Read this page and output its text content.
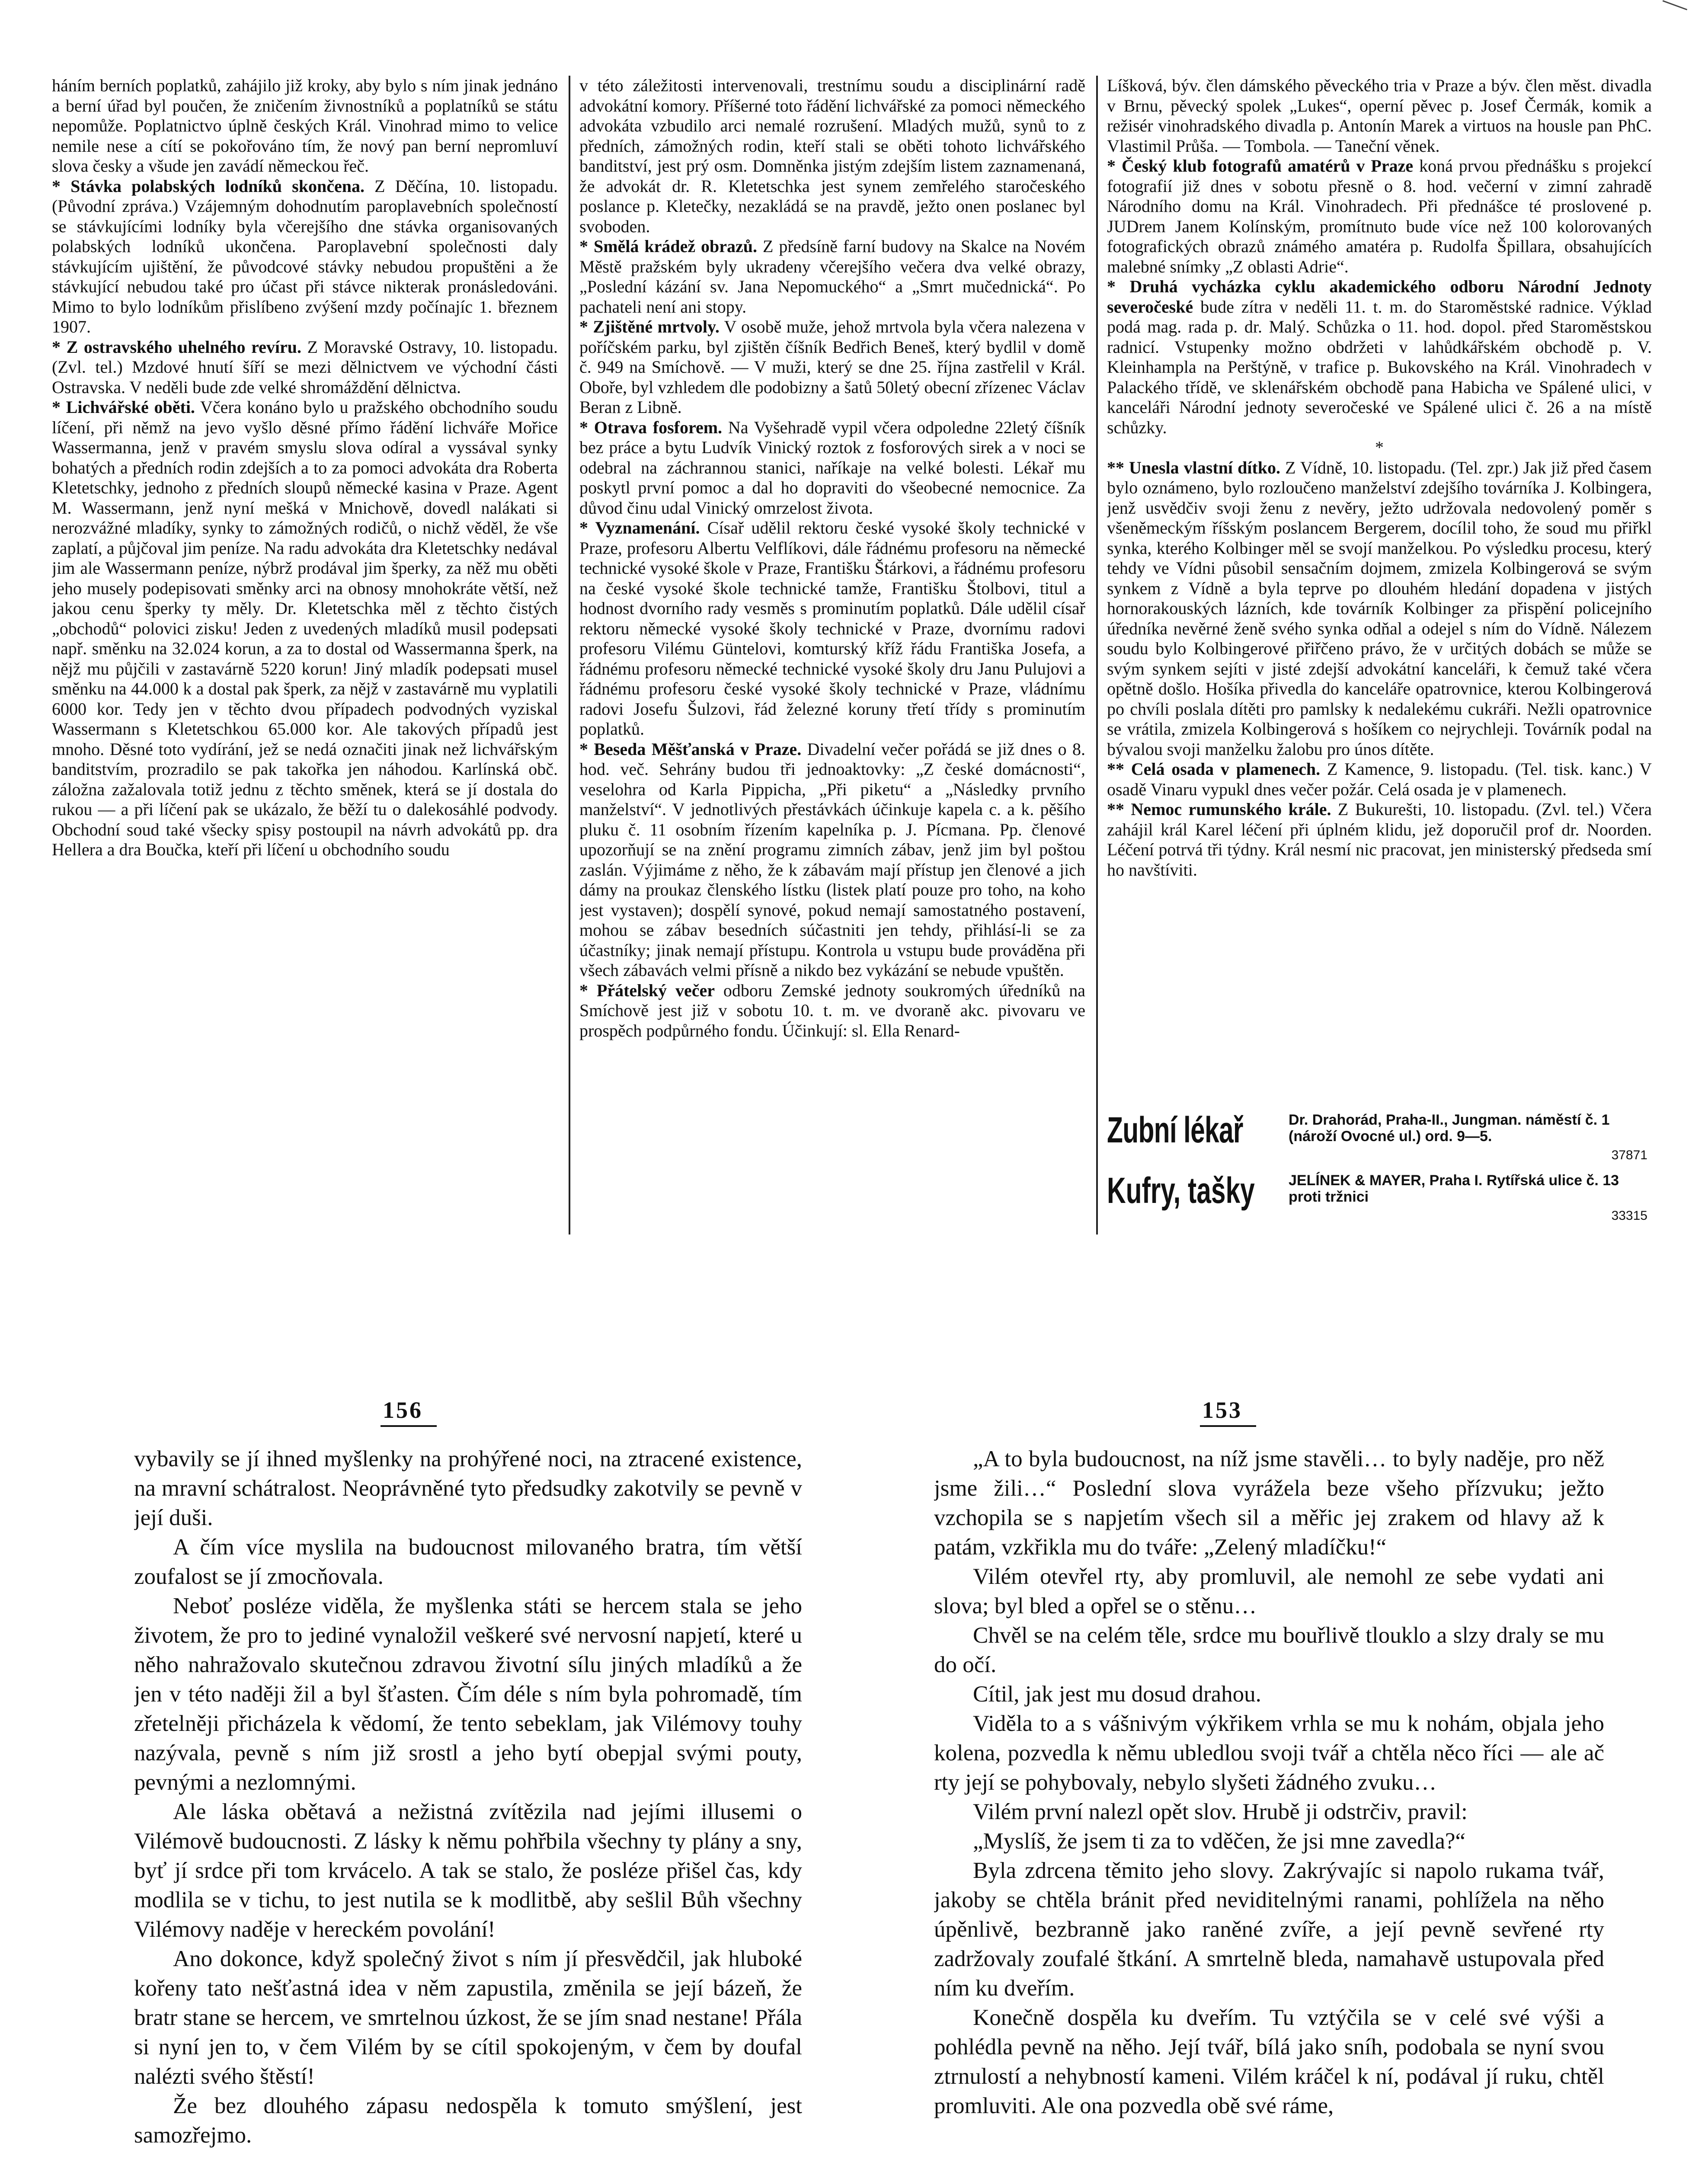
háním berních poplatků, zahájilo již kroky, aby bylo s ním jinak jednáno a berní úřad byl poučen, že zničením živnostníků a poplatníků se státu nepomůže. Poplatnictvo úplně českých Král. Vinohrad mimo to velice nemile nese a cítí se pokořováno tím, že nový pan berní nepromluví slova česky a všude jen zavádí německou řeč.

* Stávka polabských lodníků skončena. Z Děčína, 10. listopadu. (Původní zpráva.) Vzájemným dohodnutím paroplavebních společností se stávkujícími lodníky byla včerejšího dne stávka organisovaných polabských lodníků ukončena. Paroplavební společnosti daly stávkujícím ujištění, že původcové stávky nebudou propuštěni a že stávkující nebudou také pro účast při stávce nikterak pronásledováni. Mimo to bylo lodníkům přislíbeno zvýšení mzdy počínajíc 1. březnem 1907.

* Z ostravského uhelného revíru. Z Moravské Ostravy, 10. listopadu. (Zvl. tel.) Mzdové hnutí šíří se mezi dělnictvem ve východní části Ostravska. V neděli bude zde velké shromáždění dělnictva.

* Lichvářské oběti. Včera konáno bylo u pražského obchodního soudu líčení, při němž na jevo vyšlo děsné přímo řádění lichváře Mořice Wassermanna, jenž v pravém smyslu slova odíral a vyssával synky bohatých a předních rodin zdejších a to za pomoci advokáta dra Roberta Kletetschky, jednoho z předních sloupů německé kasina v Praze. Agent M. Wassermann, jenž nyní mešká v Mnichově, dovedl nalákati si nerozvážné mladíky, synky to zámožných rodičů, o nichž věděl, že vše zaplatí, a půjčoval jim peníze. Na radu advokáta dra Kletetschky nedával jim ale Wassermann peníze, nýbrž prodával jim šperky, za něž mu oběti jeho musely podepisovati směnky arci na obnosy mnohokráte větší, než jakou cenu šperky ty měly. Dr. Kletetschka měl z těchto čistých „obchodů“ polovici zisku! Jeden z uvedených mladíků musil podepsati např. směnku na 32.024 korun, a za to dostal od Wassermanna šperk, na nějž mu půjčili v zastavárně 5220 korun! Jiný mladík podepsati musel směnku na 44.000 k a dostal pak šperk, za nějž v zastavárně mu vyplatili 6000 kor. Tedy jen v těchto dvou případech podvodných vyziskal Wassermann s Kletetschkou 65.000 kor. Ale takových případů jest mnoho. Děsné toto vydírání, jež se nedá označiti jinak než lichvářským banditstvím, prozradilo se pak takořka jen náhodou. Karlínská obč. záložna zažalovala totiž jednu z těchto směnek, která se jí dostala do rukou — a při líčení pak se ukázalo, že běží tu o dalekosáhlé podvody. Obchodní soud také všecky spisy postoupil na návrh advokátů pp. dra Hellera a dra Boučka, kteří při líčení u obchodního soudu

v této záležitosti intervenovali, trestnímu soudu a disciplinární radě advokátní komory. Příšerné toto řádění lichvářské za pomoci německého advokáta vzbudilo arci nemalé rozrušení. Mladých mužů, synů to z předních, zámožných rodin, kteří stali se oběti tohoto lichvářského banditství, jest prý osm. Domněnka jistým zdejším listem zaznamenaná, že advokát dr. R. Kletetschka jest synem zemřelého staročeského poslance p. Kletečky, nezakládá se na pravdě, ježto onen poslanec byl svoboden.

* Smělá krádež obrazů. Z předsíně farní budovy na Skalce na Novém Městě pražském byly ukradeny včerejšího večera dva velké obrazy, „Poslední kázání sv. Jana Nepomuckého“ a „Smrt mučednická“. Po pachateli není ani stopy.

* Zjištěné mrtvoly. V osobě muže, jehož mrtvola byla včera nalezena v poříčském parku, byl zjištěn číšník Bedřich Beneš, který bydlil v domě č. 949 na Smíchově. — V muži, který se dne 25. října zastřelil v Král. Oboře, byl vzhledem dle podobizny a šatů 50letý obecní zřízenec Václav Beran z Libně.

* Otrava fosforem. Na Vyšehradě vypil včera odpoledne 22letý číšník bez práce a bytu Ludvík Vinický roztok z fosforových sirek a v noci se odebral na záchrannou stanici, naříkaje na velké bolesti. Lékař mu poskytl první pomoc a dal ho dopraviti do všeobecné nemocnice. Za důvod činu udal Vinický omrzelost života.

* Vyznamenání. Císař udělil rektoru české vysoké školy technické v Praze, profesoru Albertu Velflíkovi, dále řádnému profesoru na německé technické vysoké škole v Praze, Františku Štárkovi, a řádnému profesoru na české vysoké škole technické tamže, Františku Štolbovi, titul a hodnost dvorního rady vesměs s prominutím poplatků. Dále udělil císař rektoru německé vysoké školy technické v Praze, dvornímu radovi profesoru Vilému Güntelovi, komturský kříž řádu Františka Josefa, a řádnému profesoru německé technické vysoké školy dru Janu Pulujovi a řádnému profesoru české vysoké školy technické v Praze, vládnímu radovi Josefu Šulzovi, řád železné koruny třetí třídy s prominutím poplatků.

* Beseda Měšťanská v Praze. Divadelní večer pořádá se již dnes o 8. hod. več. Sehrány budou tři jednoaktovky: „Z české domácnosti“, veselohra od Karla Pippicha, „Při piketu“ a „Následky prvního manželství“. V jednotlivých přestávkách účinkuje kapela c. a k. pěšího pluku č. 11 osobním řízením kapelníka p. J. Pícmana. Pp. členové upozorňují se na znění programu zimních zábav, jenž jim byl poštou zaslán. Výjimáme z něho, že k zábavám mají přístup jen členové a jich dámy na proukaz členského lístku (listek platí pouze pro toho, na koho jest vystaven); dospělí synové, pokud nemají samostatného postavení, mohou se zábav besedních súčastniti jen tehdy, přihlásí-li se za účastníky; jinak nemají přístupu. Kontrola u vstupu bude prováděna při všech zábavách velmi přísně a nikdo bez vykázání se nebude vpuštěn.

* Přátelský večer odboru Zemské jednoty soukromých úředníků na Smíchově jest již v sobotu 10. t. m. ve dvoraně akc. pivovaru ve prospěch podpůrného fondu. Účinkují: sl. Ella Renard-

Líšková, býv. člen dámského pěveckého tria v Praze a býv. člen měst. divadla v Brnu, pěvecký spolek „Lukes“, operní pěvec p. Josef Čermák, komik a režisér vinohradského divadla p. Antonín Marek a virtuos na housle pan PhC. Vlastimil Průša. — Tombola. — Taneční věnek.

* Český klub fotografů amatérů v Praze koná prvou přednášku s projekcí fotografií již dnes v sobotu přesně o 8. hod. večerní v zimní zahradě Národního domu na Král. Vinohradech. Při přednášce té proslovené p. JUDrem Janem Kolínským, promítnuto bude více než 100 kolorovaných fotografických obrazů známého amatéra p. Rudolfa Špillara, obsahujících malebné snímky „Z oblasti Adrie“.

* Druhá vycházka cyklu akademického odboru Národní Jednoty severočeské bude zítra v neděli 11. t. m. do Staroměstské radnice. Výklad podá mag. rada p. dr. Malý. Schůzka o 11. hod. dopol. před Staroměstskou radnicí. Vstupenky možno obdržeti v lahůdkářském obchodě p. V. Kleinhampla na Perštýně, v trafice p. Bukovského na Král. Vinohradech v Palackého třídě, ve sklenářském obchodě pana Habicha ve Spálené ulici, v kanceláři Národní jednoty severočeské ve Spálené ulici č. 26 a na místě schůzky.

*

** Unesla vlastní dítko. Z Vídně, 10. listopadu. (Tel. zpr.) Jak již před časem bylo oznámeno, bylo rozloučeno manželství zdejšího továrníka J. Kolbingera, jenž usvědčiv svoji ženu z nevěry, ježto udržovala nedovolený poměr s všeněmeckým říšským poslancem Bergerem, docílil toho, že soud mu přiřkl synka, kterého Kolbinger měl se svojí manželkou. Po výsledku procesu, který tehdy ve Vídni působil sensačním dojmem, zmizela Kolbingerová se svým synkem z Vídně a byla teprve po dlouhém hledání dopadena v jistých hornorakouských lázních, kde továrník Kolbinger za přispění policejního úředníka nevěrné ženě svého synka odňal a odejel s ním do Vídně. Nálezem soudu bylo Kolbingerové přiřčeno právo, že v určitých dobách se může se svým synkem sejíti v jisté zdejší advokátní kanceláři, k čemuž také včera opětně došlo. Hošíka přivedla do kanceláře opatrovnice, kterou Kolbingerová po chvíli poslala dítěti pro pamlsky k nedalekému cukráři. Nežli opatrovnice se vrátila, zmizela Kolbingerová s hošíkem co nejrychleji. Továrník podal na bývalou svoji manželku žalobu pro únos dítěte.

** Celá osada v plamenech. Z Kamence, 9. listopadu. (Tel. tisk. kanc.) V osadě Vinaru vypukl dnes večer požár. Celá osada je v plamenech.

** Nemoc rumunského krále. Z Bukurešti, 10. listopadu. (Zvl. tel.) Včera zahájil král Karel léčení při úplném klidu, jež doporučil prof dr. Noorden. Léčení potrvá tři týdny. Král nesmí nic pracovat, jen ministerský předseda smí ho navštíviti.

Zubní lékař	Dr. Drahorád, Praha-II., Jungman. náměstí č. 1 (nároží Ovocné ul.) ord. 9—5.
37871
Kufry, tašky JELÍNEK & MAYER, Praha I. Rytířská ulice č. 13 proti tržnici
33315
156	153

vybavily se jí ihned myšlenky na prohýřené noci, na ztracené existence, na mravní schátralost. Neoprávněné tyto předsudky zakotvily se pevně v její duši.

A čím více myslila na budoucnost milovaného bratra, tím větší zoufalost se jí zmocňovala.

Neboť posléze viděla, že myšlenka státi se hercem stala se jeho životem, že pro to jediné vynaložil veškeré své nervosní napjetí, které u něho nahražovalo skutečnou zdravou životní sílu jiných mladíků a že jen v této naději žil a byl šťasten. Čím déle s ním byla pohromadě, tím zřetelněji přicházela k vědomí, že tento sebeklam, jak Vilémovy touhy nazývala, pevně s ním již srostl a jeho bytí obepjal svými pouty, pevnými a nezlomnými.

Ale láska obětavá a nežistná zvítězila nad jejími illusemi o Vilémově budoucnosti. Z lásky k němu pohřbila všechny ty plány a sny, byť jí srdce při tom krvácelo. A tak se stalo, že posléze přišel čas, kdy modlila se v tichu, to jest nutila se k modlitbě, aby sešlil Bůh všechny Vilémovy naděje v hereckém povolání!

Ano dokonce, když společný život s ním jí přesvědčil, jak hluboké kořeny tato nešťastná idea v něm zapustila, změnila se její bázeň, že bratr stane se hercem, ve smrtelnou úzkost, že se jím snad nestane! Přála si nyní jen to, v čem Vilém by se cítil spokojeným, v čem by doufal nalézti svého štěstí!

Že bez dlouhého zápasu nedospěla k tomuto smýšlení, jest samozřejmo.

„A to byla budoucnost, na níž jsme stavěli… to byly naděje, pro něž jsme žili…“ Poslední slova vyrážela beze všeho přízvuku; ježto vzchopila se s napjetím všech sil a měřic jej zrakem od hlavy až k patám, vzkřikla mu do tváře: „Zelený mladíčku!“

Vilém otevřel rty, aby promluvil, ale nemohl ze sebe vydati ani slova; byl bled a opřel se o stěnu…

Chvěl se na celém těle, srdce mu bouřlivě tlouklo a slzy draly se mu do očí.

Cítil, jak jest mu dosud drahou.

Viděla to a s vášnivým výkřikem vrhla se mu k nohám, objala jeho kolena, pozvedla k němu ubledlou svoji tvář a chtěla něco říci — ale ač rty její se pohybovaly, nebylo slyšeti žádného zvuku…

Vilém první nalezl opět slov. Hrubě ji odstrčiv, pravil:

„Myslíš, že jsem ti za to vděčen, že jsi mne zavedla?“

Byla zdrcena těmito jeho slovy. Zakrývajíc si napolo rukama tvář, jakoby se chtěla bránit před neviditelnými ranami, pohlížela na něho úpěnlivě, bezbranně jako raněné zvíře, a její pevně sevřené rty zadržovaly zoufalé štkání. A smrtelně bleda, namahavě ustupovala před ním ku dveřím.

Konečně dospěla ku dveřím. Tu vztýčila se v celé své výši a pohlédla pevně na něho. Její tvář, bílá jako sníh, podobala se nyní svou ztrnulostí a nehybností kameni. Vilém kráčel k ní, podával jí ruku, chtěl promluviti. Ale ona pozvedla obě své ráme,
